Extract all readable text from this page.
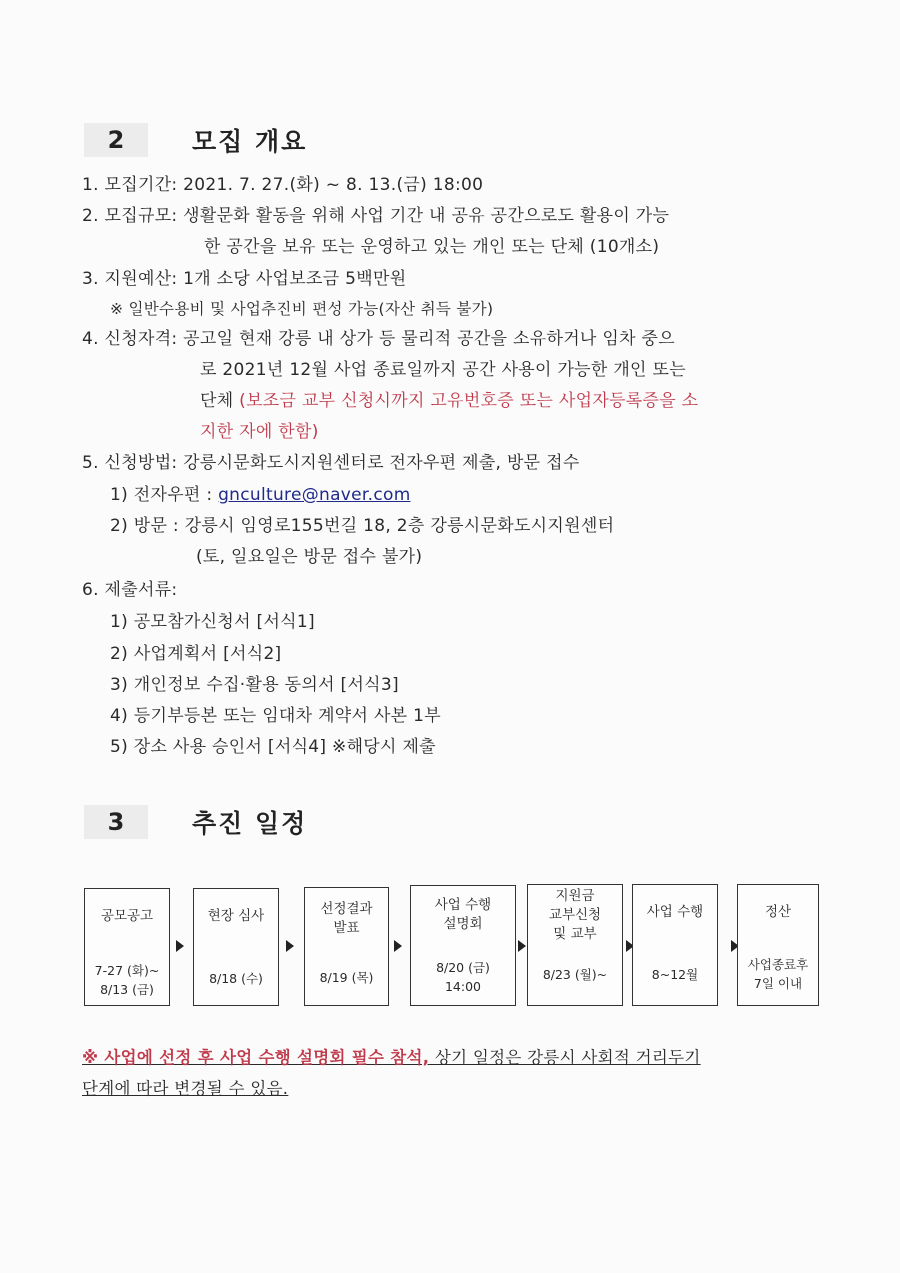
2	모집 개요
1. 모집기간: 2021. 7. 27.(화) ~ 8. 13.(금) 18:00
2. 모집규모: 생활문화 활동을 위해 사업 기간 내 공유 공간으로도 활용이 가능
한 공간을 보유 또는 운영하고 있는 개인 또는 단체 (10개소)
3. 지원예산: 1개 소당 사업보조금 5백만원
※ 일반수용비 및 사업추진비 편성 가능(자산 취득 불가)
4. 신청자격: 공고일 현재 강릉 내 상가 등 물리적 공간을 소유하거나 임차 중으
로 2021년 12월 사업 종료일까지 공간 사용이 가능한 개인 또는
단체 (보조금 교부 신청시까지 고유번호증 또는 사업자등록증을 소
지한 자에 한함)
5. 신청방법: 강릉시문화도시지원센터로 전자우편 제출, 방문 접수
1) 전자우편 : gnculture@naver.com
2) 방문 : 강릉시 임영로155번길 18, 2층 강릉시문화도시지원센터
(토, 일요일은 방문 접수 불가)
6. 제출서류:
1) 공모참가신청서 [서식1]
2) 사업계획서 [서식2]
3) 개인정보 수집·활용 동의서 [서식3]
4) 등기부등본 또는 임대차 계약서 사본 1부
5) 장소 사용 승인서 [서식4] ※해당시 제출
3	추진 일정
공모공고
7-27 (화)~
8/13 (금)
현장 심사
8/18 (수)
선정결과
발표
8/19 (목)
사업 수행
설명회
8/20 (금)
14:00
지원금
교부신청
및 교부
8/23 (월)~
사업 수행
8~12월
정산
사업종료후
7일 이내
※ 사업에 선정 후 사업 수행 설명회 필수 참석, 상기 일정은 강릉시 사회적 거리두기
단계에 따라 변경될 수 있음.
